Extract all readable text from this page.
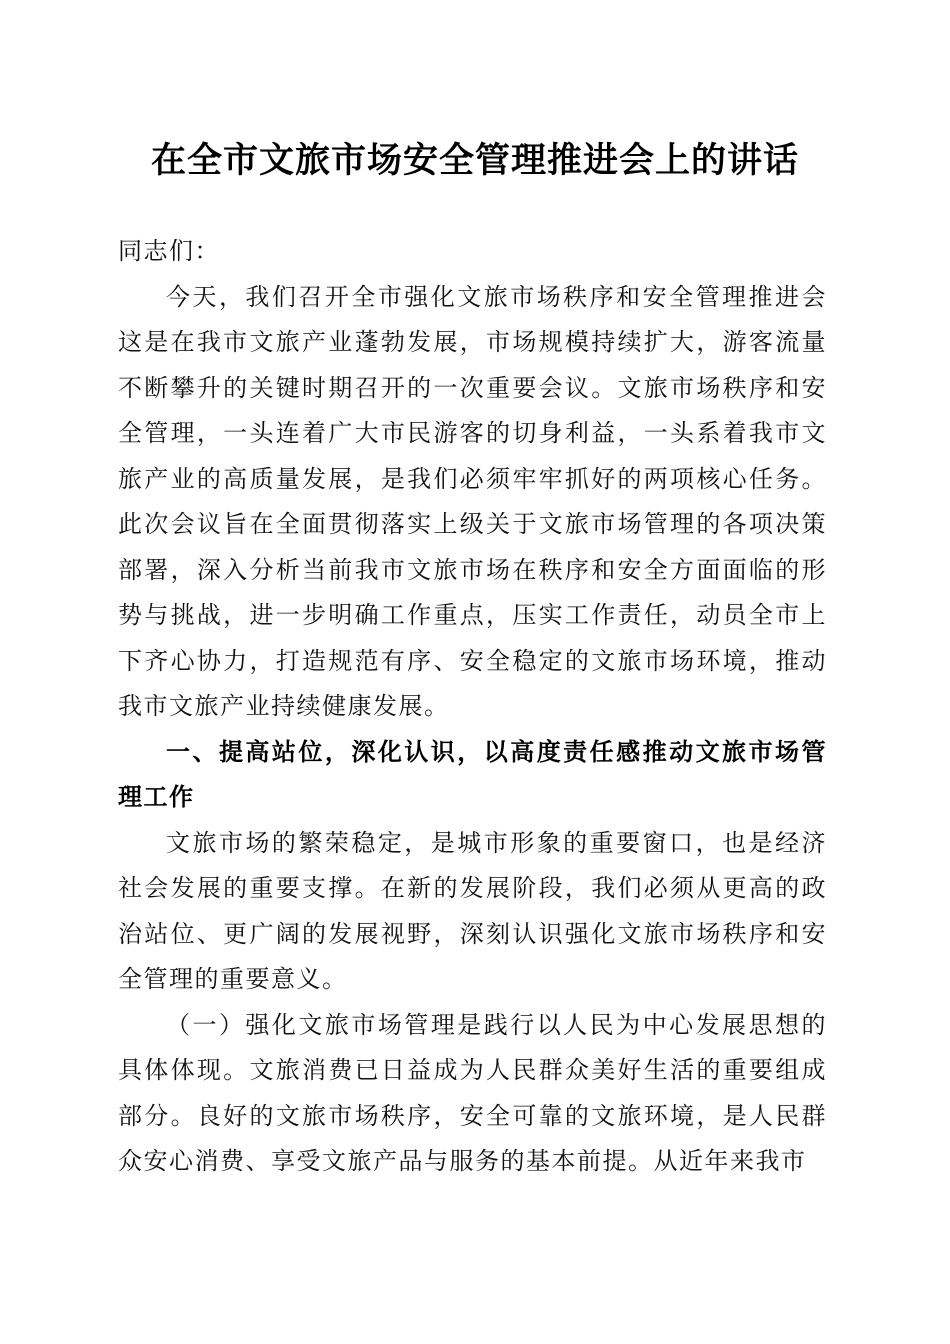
在全市文旅市场安全管理推进会上的讲话

同志们：

今天，我们召开全市强化文旅市场秩序和安全管理推进会这是在我市文旅产业蓬勃发展，市场规模持续扩大，游客流量不断攀升的关键时期召开的一次重要会议。文旅市场秩序和安全管理，一头连着广大市民游客的切身利益，一头系着我市文旅产业的高质量发展，是我们必须牢牢抓好的两项核心任务。此次会议旨在全面贯彻落实上级关于文旅市场管理的各项决策部署，深入分析当前我市文旅市场在秩序和安全方面面临的形势与挑战，进一步明确工作重点，压实工作责任，动员全市上下齐心协力，打造规范有序、安全稳定的文旅市场环境，推动我市文旅产业持续健康发展。

一、提高站位，深化认识，以高度责任感推动文旅市场管理工作

文旅市场的繁荣稳定，是城市形象的重要窗口，也是经济社会发展的重要支撑。在新的发展阶段，我们必须从更高的政治站位、更广阔的发展视野，深刻认识强化文旅市场秩序和安全管理的重要意义。

（一）强化文旅市场管理是践行以人民为中心发展思想的具体体现。文旅消费已日益成为人民群众美好生活的重要组成部分。良好的文旅市场秩序，安全可靠的文旅环境，是人民群众安心消费、享受文旅产品与服务的基本前提。从近年来我市
